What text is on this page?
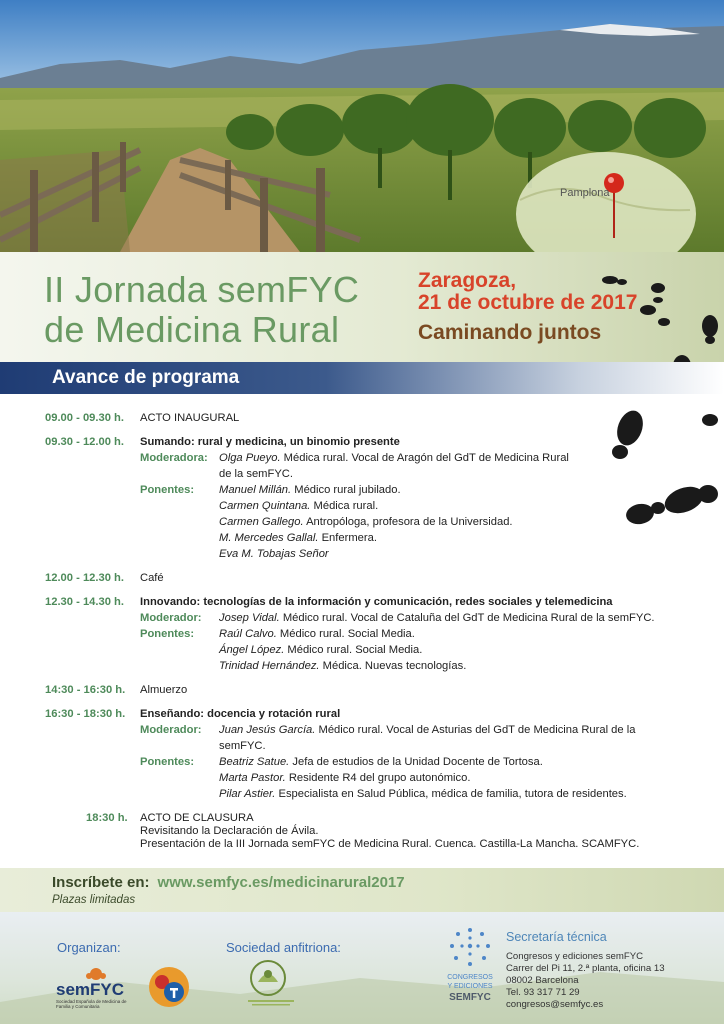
Pamplona
II Jornada semFYC
de Medicina Rural
Zaragoza,
21 de octubre de 2017
Caminando juntos
Avance de programa
09.00 - 09.30 h. ACTO INAUGURAL
09.30 - 12.00 h. Sumando: rural y medicina, un binomio presente
Moderadora: Olga Pueyo. Médica rural. Vocal de Aragón del GdT de Medicina Rural
de la semFYC.
Ponentes: Manuel Millán. Médico rural jubilado.
Carmen Quintana. Médica rural.
Carmen Gallego. Antropóloga, profesora de la Universidad.
M. Mercedes Gallal. Enfermera.
Eva M. Tobajas Señor
12.00 - 12.30 h. Café
12.30 - 14.30 h. Innovando: tecnologías de la información y comunicación, redes sociales y telemedicina
Moderador: Josep Vidal. Médico rural. Vocal de Cataluña del GdT de Medicina Rural de la semFYC.
Ponentes: Raúl Calvo. Médico rural. Social Media.
Ángel López. Médico rural. Social Media.
Trinidad Hernández. Médica. Nuevas tecnologías.
14:30 - 16:30 h. Almuerzo
16:30 - 18:30 h. Enseñando: docencia y rotación rural
Moderador: Juan Jesús García. Médico rural. Vocal de Asturias del GdT de Medicina Rural de la
semFYC.
Ponentes: Beatriz Satue. Jefa de estudios de la Unidad Docente de Tortosa.
Marta Pastor. Residente R4 del grupo autonómico.
Pilar Astier. Especialista en Salud Pública, médica de familia, tutora de residentes.
18:30 h. ACTO DE CLAUSURA
Revisitando la Declaración de Ávila.
Presentación de la III Jornada semFYC de Medicina Rural. Cuenca. Castilla-La Mancha. SCAMFYC.
Inscríbete en: www.semfyc.es/medicinarural2017
Plazas limitadas
Organizan:	Sociedad anfitriona:
semFYC
Sociedad Española de Medicina de Familia y Comunitaria
CONGRESOS
Y EDICIONES
SEMFYC
Secretaría técnica
Congresos y ediciones semFYC
Carrer del Pi 11, 2.ª planta, oficina 13
08002 Barcelona
Tel. 93 317 71 29
congresos@semfyc.es
